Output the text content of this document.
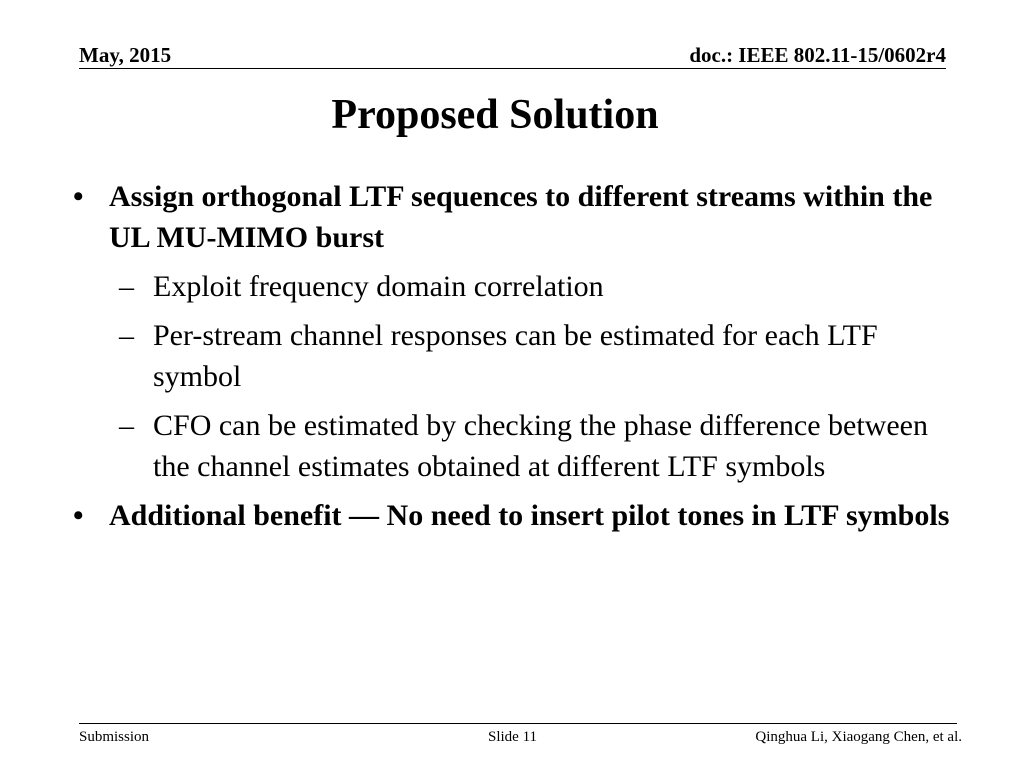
May, 2015	doc.: IEEE 802.11-15/0602r4
Proposed Solution
• Assign orthogonal LTF sequences to different streams within the UL MU-MIMO burst
– Exploit frequency domain correlation
– Per-stream channel responses can be estimated for each LTF symbol
– CFO can be estimated by checking the phase difference between the channel estimates obtained at different LTF symbols
• Additional benefit — No need to insert pilot tones in LTF symbols
Submission	Slide 11	Qinghua Li, Xiaogang Chen, et al.
